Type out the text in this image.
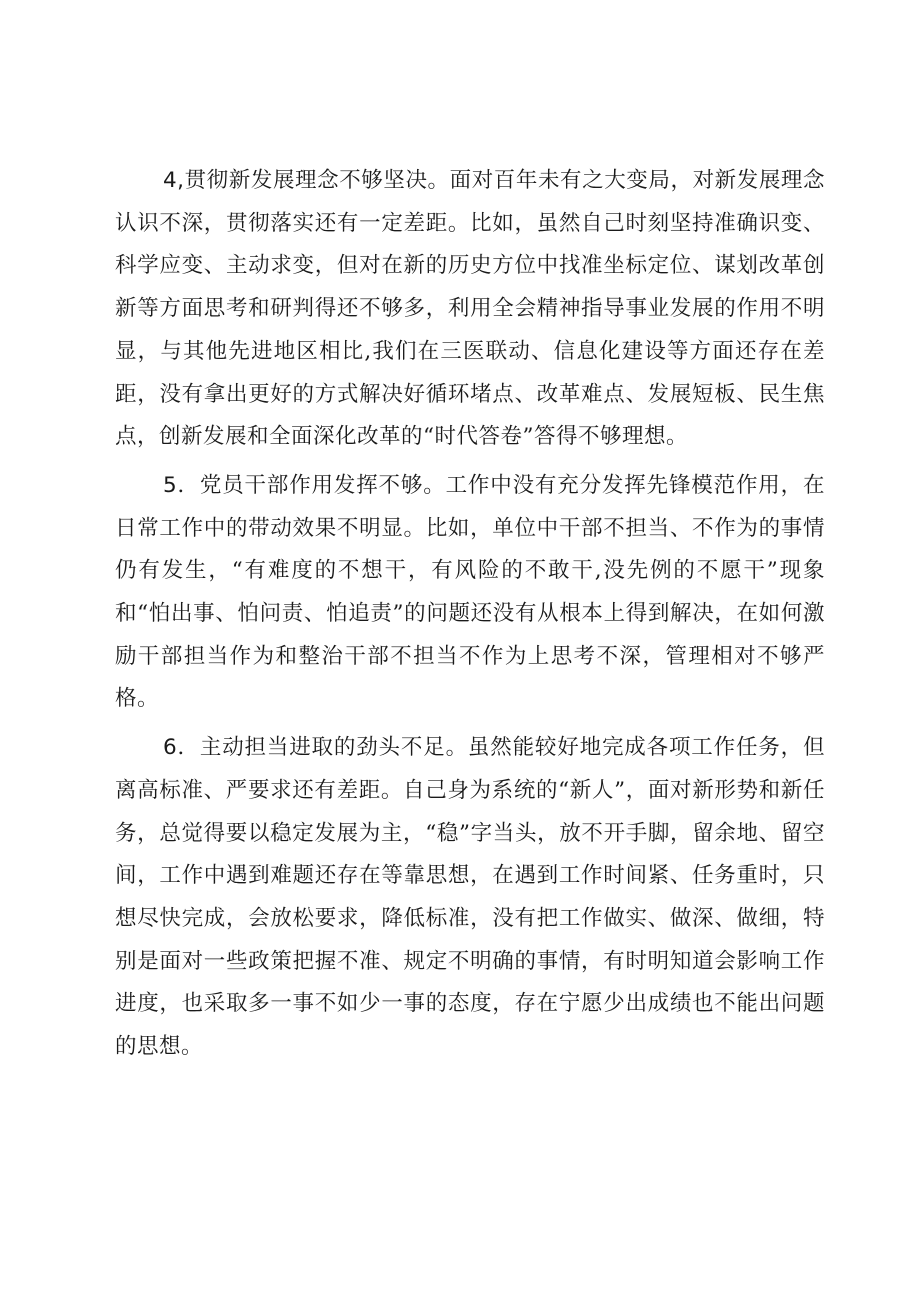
4,贯彻新发展理念不够坚决。面对百年未有之大变局，对新发展理念认识不深，贯彻落实还有一定差距。比如，虽然自己时刻坚持准确识变、科学应变、主动求变，但对在新的历史方位中找准坐标定位、谋划改革创新等方面思考和研判得还不够多，利用全会精神指导事业发展的作用不明显，与其他先进地区相比,我们在三医联动、信息化建设等方面还存在差距，没有拿出更好的方式解决好循环堵点、改革难点、发展短板、民生焦点，创新发展和全面深化改革的“时代答卷”答得不够理想。

5．党员干部作用发挥不够。工作中没有充分发挥先锋模范作用，在日常工作中的带动效果不明显。比如，单位中干部不担当、不作为的事情仍有发生，“有难度的不想干，有风险的不敢干,没先例的不愿干”现象和“怕出事、怕问责、怕追责”的问题还没有从根本上得到解决，在如何激励干部担当作为和整治干部不担当不作为上思考不深，管理相对不够严格。

6．主动担当进取的劲头不足。虽然能较好地完成各项工作任务，但离高标准、严要求还有差距。自己身为系统的“新人”，面对新形势和新任务，总觉得要以稳定发展为主，“稳”字当头，放不开手脚，留余地、留空间，工作中遇到难题还存在等靠思想，在遇到工作时间紧、任务重时，只想尽快完成，会放松要求，降低标准，没有把工作做实、做深、做细，特别是面对一些政策把握不准、规定不明确的事情，有时明知道会影响工作进度，也采取多一事不如少一事的态度，存在宁愿少出成绩也不能出问题的思想。
